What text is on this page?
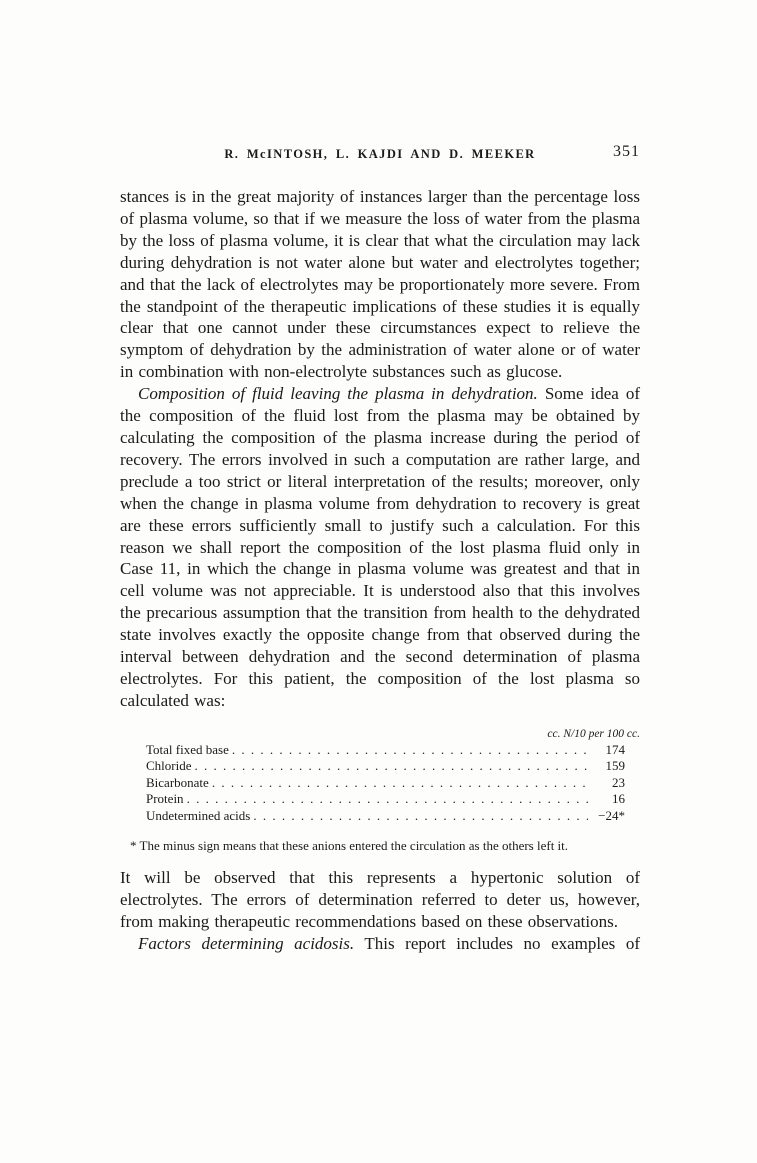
R. McINTOSH, L. KAJDI AND D. MEEKER	351

stances is in the great majority of instances larger than the percentage loss of plasma volume, so that if we measure the loss of water from the plasma by the loss of plasma volume, it is clear that what the circulation may lack during dehydration is not water alone but water and electrolytes together; and that the lack of electrolytes may be proportionately more severe. From the standpoint of the therapeutic implications of these studies it is equally clear that one cannot under these circumstances expect to relieve the symptom of dehydration by the administration of water alone or of water in combination with non-electrolyte substances such as glucose.

Composition of fluid leaving the plasma in dehydration. Some idea of the composition of the fluid lost from the plasma may be obtained by calculating the composition of the plasma increase during the period of recovery. The errors involved in such a computation are rather large, and preclude a too strict or literal interpretation of the results; moreover, only when the change in plasma volume from dehydration to recovery is great are these errors sufficiently small to justify such a calculation. For this reason we shall report the composition of the lost plasma fluid only in Case 11, in which the change in plasma volume was greatest and that in cell volume was not appreciable. It is understood also that this involves the precarious assumption that the transition from health to the dehydrated state involves exactly the opposite change from that observed during the interval between dehydration and the second determination of plasma electrolytes. For this patient, the composition of the lost plasma so calculated was:

cc. N/10 per 100 cc.
Total fixed base . . .	174
Chloride . . .	159
Bicarbonate . . .	23
Protein . . .	16
Undetermined acids . . .	−24*
* The minus sign means that these anions entered the circulation as the others left it.

It will be observed that this represents a hypertonic solution of electrolytes. The errors of determination referred to deter us, however, from making therapeutic recommendations based on these observations.

Factors determining acidosis. This report includes no examples of
